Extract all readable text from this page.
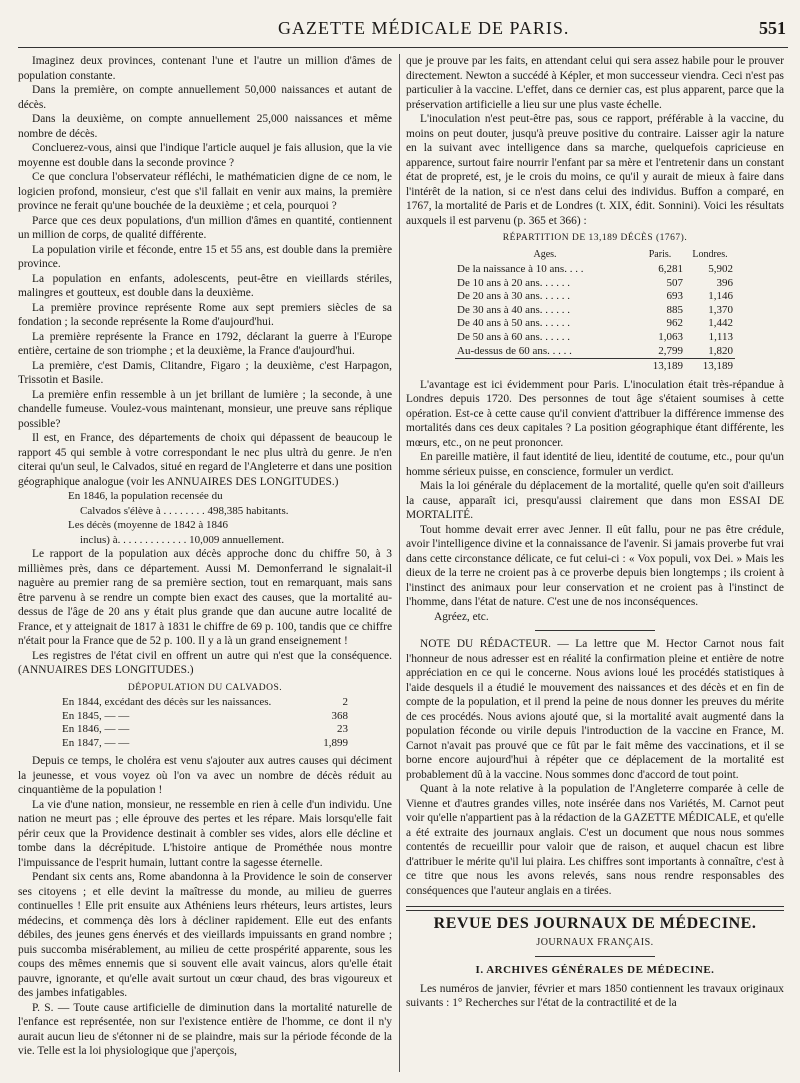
GAZETTE MÉDICALE DE PARIS.	551

Imaginez deux provinces, contenant l'une et l'autre un million d'âmes de population constante.

Dans la première, on compte annuellement 50,000 naissances et autant de décès.

Dans la deuxième, on compte annuellement 25,000 naissances et même nombre de décès.

Concluerez-vous, ainsi que l'indique l'article auquel je fais allusion, que la vie moyenne est double dans la seconde province ?

Ce que conclura l'observateur réfléchi, le mathématicien digne de ce nom, le logicien profond, monsieur, c'est que s'il fallait en venir aux mains, la première province ne ferait qu'une bouchée de la deuxième ; et cela, pourquoi ?

Parce que ces deux populations, d'un million d'âmes en quantité, contiennent un million de corps, de qualité différente.

La population virile et féconde, entre 15 et 55 ans, est double dans la première province.

La population en enfants, adolescents, peut-être en vieillards stériles, malingres et goutteux, est double dans la deuxième.

La première province représente Rome aux sept premiers siècles de sa fondation ; la seconde représente la Rome d'aujourd'hui.

La première représente la France en 1792, déclarant la guerre à l'Europe entière, certaine de son triomphe ; et la deuxième, la France d'aujourd'hui.

La première, c'est Damis, Clitandre, Figaro ; la deuxième, c'est Harpagon, Trissotin et Basile.

La première enfin ressemble à un jet brillant de lumière ; la seconde, à une chandelle fumeuse. Voulez-vous maintenant, monsieur, une preuve sans réplique possible?

Il est, en France, des départements de choix qui dépassent de beaucoup le rapport 45 qui semble à votre correspondant le nec plus ultrà du genre. Je n'en citerai qu'un seul, le Calvados, situé en regard de l'Angleterre et dans une position géographique analogue (voir les ANNUAIRES DES LONGITUDES.)

En 1846, la population recensée du
Calvados s'élève à . . . . . . . . 498,385 habitants.
Les décès (moyenne de 1842 à 1846
inclus) à. . . . . . . . . . . . . 10,009 annuellement.

Le rapport de la population aux décès approche donc du chiffre 50, à 3 millièmes près, dans ce département. Aussi M. Demonferrand le signalait-il naguère au premier rang de sa première section, tout en remarquant, mais sans être parvenu à se rendre un compte bien exact des causes, que la mortalité au-dessus de l'âge de 20 ans y était plus grande que dan aucune autre localité de France, et y atteignait de 1817 à 1831 le chiffre de 69 p. 100, tandis que ce chiffre n'était pour la France que de 52 p. 100. Il y a là un grand enseignement !

Les registres de l'état civil en offrent un autre qui n'est que la conséquence. (ANNUAIRES DES LONGITUDES.)

DÉPOPULATION DU CALVADOS.
En 1844, excédant des décès sur les naissances.	2
En 1845, — —	368
En 1846, — —	23
En 1847, — —	1,899

Depuis ce temps, le choléra est venu s'ajouter aux autres causes qui déciment la jeunesse, et vous voyez où l'on va avec un nombre de décès réduit au cinquantième de la population !

La vie d'une nation, monsieur, ne ressemble en rien à celle d'un individu. Une nation ne meurt pas ; elle éprouve des pertes et les répare. Mais lorsqu'elle fait périr ceux que la Providence destinait à combler ses vides, alors elle décline et tombe dans la décrépitude. L'histoire antique de Prométhée nous montre l'impuissance de l'esprit humain, luttant contre la sagesse éternelle.

Pendant six cents ans, Rome abandonna à la Providence le soin de conserver ses citoyens ; et elle devint la maîtresse du monde, au milieu de guerres continuelles ! Elle prit ensuite aux Athéniens leurs rhéteurs, leurs artistes, leurs médecins, et commença dès lors à décliner rapidement. Elle eut des enfants débiles, des jeunes gens énervés et des vieillards impuissants en grand nombre ; puis succomba misérablement, au milieu de cette prospérité apparente, sous les coups des mêmes ennemis que si souvent elle avait vaincus, alors qu'elle était pauvre, ignorante, et qu'elle avait surtout un cœur chaud, des bras vigoureux et des jambes infatigables.

P. S. — Toute cause artificielle de diminution dans la mortalité naturelle de l'enfance est représentée, non sur l'existence entière de l'homme, ce dont il n'y aurait aucun lieu de s'étonner ni de se plaindre, mais sur la période féconde de la vie. Telle est la loi physiologique que j'aperçois,

que je prouve par les faits, en attendant celui qui sera assez habile pour le prouver directement. Newton a succédé à Képler, et mon successeur viendra. Ceci n'est pas particulier à la vaccine. L'effet, dans ce dernier cas, est plus apparent, parce que la préservation artificielle a lieu sur une plus vaste échelle.

L'inoculation n'est peut-être pas, sous ce rapport, préférable à la vaccine, du moins on peut douter, jusqu'à preuve positive du contraire. Laisser agir la nature en la suivant avec intelligence dans sa marche, quelquefois capricieuse en apparence, surtout faire nourrir l'enfant par sa mère et l'entretenir dans un constant état de propreté, est, je le crois du moins, ce qu'il y aurait de mieux à faire dans l'intérêt de la nation, si ce n'est dans celui des individus. Buffon a comparé, en 1767, la mortalité de Paris et de Londres (t. XIX, édit. Sonnini). Voici les résultats auxquels il est parvenu (p. 365 et 366) :

RÉPARTITION DE 13,189 DÉCÈS (1767).
Ages.	Paris.	Londres.
De la naissance à 10 ans. . . .	6,281	5,902
De 10 ans à 20 ans. . . . . .	507	396
De 20 ans à 30 ans. . . . . .	693	1,146
De 30 ans à 40 ans. . . . . .	885	1,370
De 40 ans à 50 ans. . . . . .	962	1,442
De 50 ans à 60 ans. . . . . .	1,063	1,113
Au-dessus de 60 ans. . . . .	2,799	1,820
	13,189	13,189

L'avantage est ici évidemment pour Paris. L'inoculation était très-répandue à Londres depuis 1720. Des personnes de tout âge s'étaient soumises à cette opération. Est-ce à cette cause qu'il convient d'attribuer la différence immense des mortalités dans ces deux capitales ? La position géographique étant différente, les mœurs, etc., on ne peut prononcer.

En pareille matière, il faut identité de lieu, identité de coutume, etc., pour qu'un homme sérieux puisse, en conscience, formuler un verdict.

Mais la loi générale du déplacement de la mortalité, quelle qu'en soit d'ailleurs la cause, apparaît ici, presqu'aussi clairement que dans mon ESSAI DE MORTALITÉ.

Tout homme devait errer avec Jenner. Il eût fallu, pour ne pas être crédule, avoir l'intelligence divine et la connaissance de l'avenir. Si jamais proverbe fut vrai dans cette circonstance délicate, ce fut celui-ci : « Vox populi, vox Dei. » Mais les dieux de la terre ne croient pas à ce proverbe depuis bien longtemps ; ils croient à l'instinct des animaux pour leur conservation et ne croient pas à l'instinct de l'homme, dans l'état de nature. C'est une de nos inconséquences.

Agréez, etc.

NOTE DU RÉDACTEUR. — La lettre que M. Hector Carnot nous fait l'honneur de nous adresser est en réalité la confirmation pleine et entière de notre appréciation en ce qui le concerne. Nous avions loué les procédés statistiques à l'aide desquels il a étudié le mouvement des naissances et des décès et en fin de compte de la population, et il prend la peine de nous donner les preuves du mérite de ces procédés. Nous avions ajouté que, si la mortalité avait augmenté dans la population féconde ou virile depuis l'introduction de la vaccine en France, M. Carnot n'avait pas prouvé que ce fût par le fait même des vaccinations, et il se borne encore aujourd'hui à répéter que ce déplacement de la mortalité est probablement dû à la vaccine. Nous sommes donc d'accord de tout point.

Quant à la note relative à la population de l'Angleterre comparée à celle de Vienne et d'autres grandes villes, note insérée dans nos Variétés, M. Carnot peut voir qu'elle n'appartient pas à la rédaction de la GAZETTE MÉDICALE, et qu'elle a été extraite des journaux anglais. C'est un document que nous nous sommes contentés de recueillir pour valoir que de raison, et auquel chacun est libre d'attribuer le mérite qu'il lui plaira. Les chiffres sont importants à connaître, c'est à ce titre que nous les avons relevés, sans nous rendre responsables des conséquences que l'auteur anglais en a tirées.

REVUE DES JOURNAUX DE MÉDECINE.
JOURNAUX FRANÇAIS.
I. ARCHIVES GÉNÉRALES DE MÉDECINE.

Les numéros de janvier, février et mars 1850 contiennent les travaux originaux suivants : 1° Recherches sur l'état de la contractilité et de la
